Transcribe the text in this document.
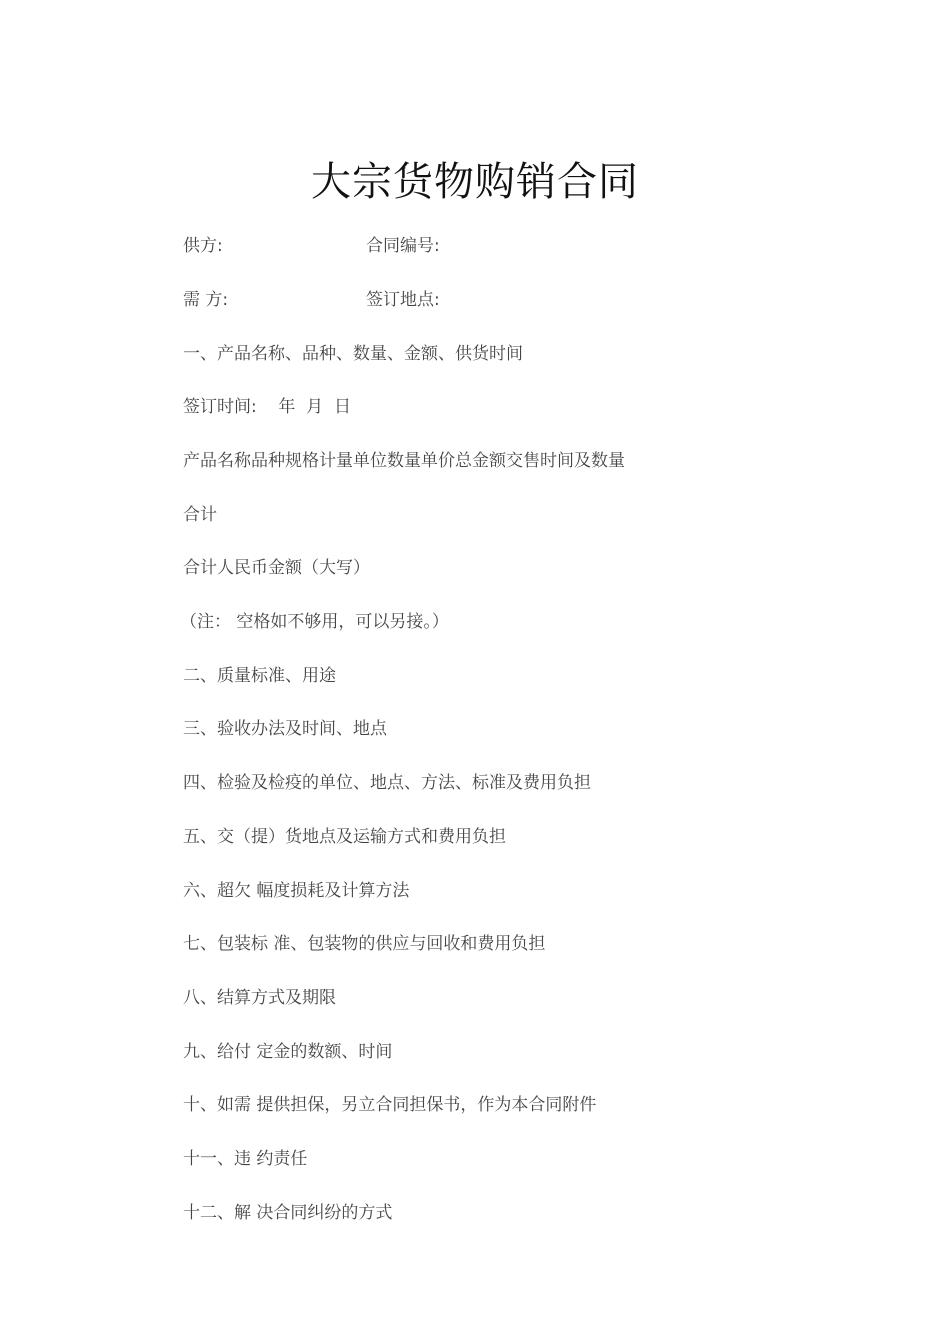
大宗货物购销合同
供方:	合同编号:
需 方:	签订地点:
一、产品名称、品种、数量、金额、供货时间
签订时间:    年  月  日
产品名称品种规格计量单位数量单价总金额交售时间及数量
合计
合计人民币金额（大写）
（注： 空格如不够用，可以另接。）
二、质量标准、用途
三、验收办法及时间、地点
四、检验及检疫的单位、地点、方法、标准及费用负担
五、交（提）货地点及运输方式和费用负担
六、超欠 幅度损耗及计算方法
七、包装标 准、包装物的供应与回收和费用负担
八、结算方式及期限
九、给付 定金的数额、时间
十、如需 提供担保，另立合同担保书，作为本合同附件
十一、违 约责任
十二、解 决合同纠纷的方式
